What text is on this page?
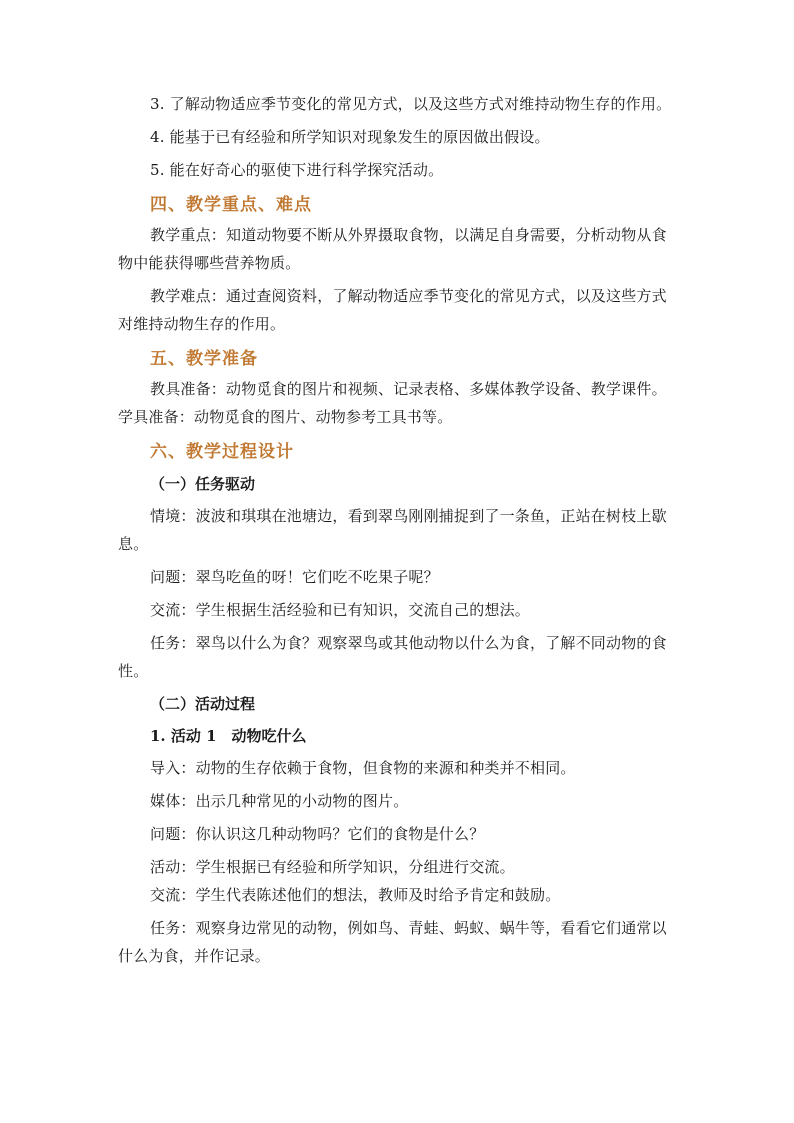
3. 了解动物适应季节变化的常见方式，以及这些方式对维持动物生存的作用。

4. 能基于已有经验和所学知识对现象发生的原因做出假设。

5. 能在好奇心的驱使下进行科学探究活动。

四、教学重点、难点

教学重点：知道动物要不断从外界摄取食物，以满足自身需要，分析动物从食物中能获得哪些营养物质。

教学难点：通过查阅资料，了解动物适应季节变化的常见方式，以及这些方式对维持动物生存的作用。

五、教学准备

教具准备：动物觅食的图片和视频、记录表格、多媒体教学设备、教学课件。学具准备：动物觅食的图片、动物参考工具书等。

六、教学过程设计
（一）任务驱动

情境：波波和琪琪在池塘边，看到翠鸟刚刚捕捉到了一条鱼，正站在树枝上歇息。

问题：翠鸟吃鱼的呀！它们吃不吃果子呢？

交流：学生根据生活经验和已有知识，交流自己的想法。

任务：翠鸟以什么为食？观察翠鸟或其他动物以什么为食，了解不同动物的食性。

（二）活动过程
1. 活动 1　动物吃什么

导入：动物的生存依赖于食物，但食物的来源和种类并不相同。

媒体：出示几种常见的小动物的图片。

问题：你认识这几种动物吗？它们的食物是什么？

活动：学生根据已有经验和所学知识，分组进行交流。

交流：学生代表陈述他们的想法，教师及时给予肯定和鼓励。

任务：观察身边常见的动物，例如鸟、青蛙、蚂蚁、蜗牛等，看看它们通常以什么为食，并作记录。
